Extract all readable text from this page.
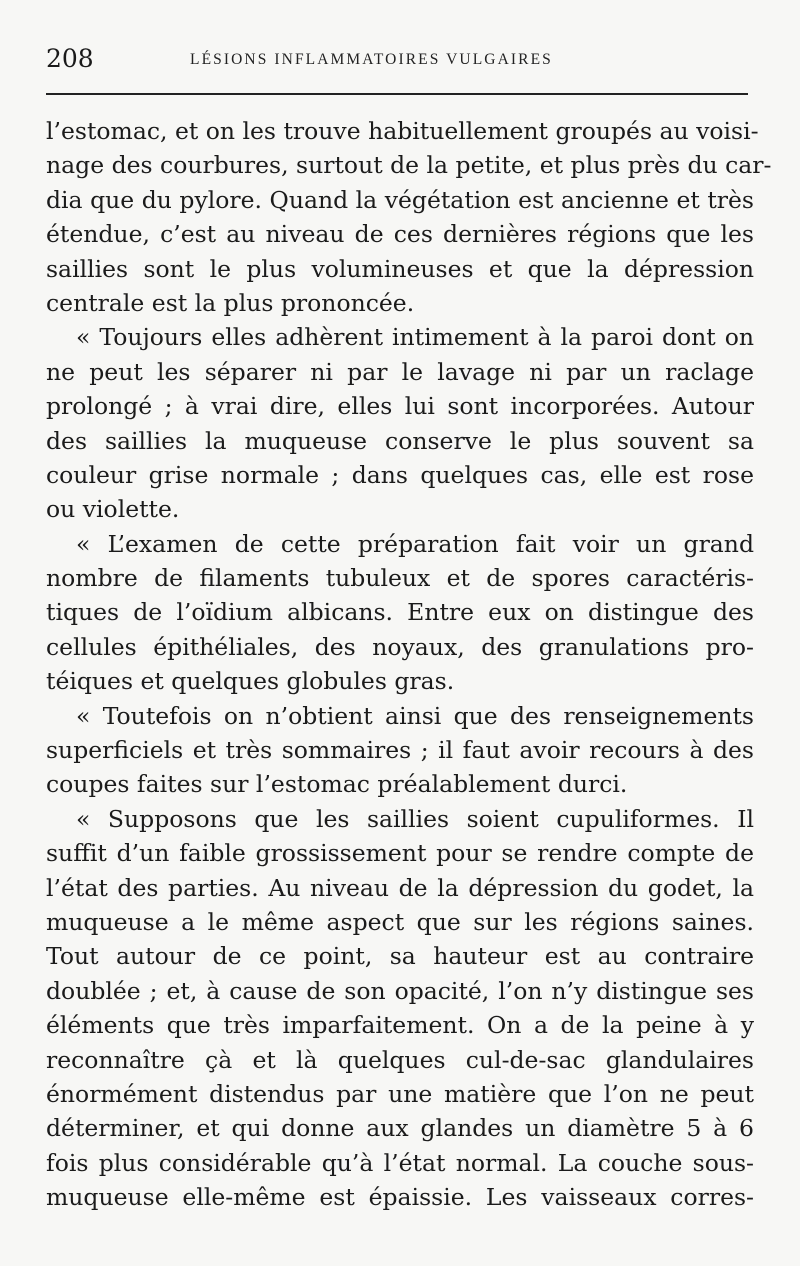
208	LÉSIONS INFLAMMATOIRES VULGAIRES
l’estomac, et on les trouve habituellement groupés au voisi-
nage des courbures, surtout de la petite, et plus près du car-
dia que du pylore. Quand la végétation est ancienne et très
étendue, c’est au niveau de ces dernières régions que les
saillies sont le plus volumineuses et que la dépression
centrale est la plus prononcée.
« Toujours elles adhèrent intimement à la paroi dont on
ne peut les séparer ni par le lavage ni par un raclage
prolongé ; à vrai dire, elles lui sont incorporées. Autour
des saillies la muqueuse conserve le plus souvent sa
couleur grise normale ; dans quelques cas, elle est rose
ou violette.
« L’examen de cette préparation fait voir un grand
nombre de filaments tubuleux et de spores caractéris-
tiques de l’oïdium albicans. Entre eux on distingue des
cellules épithéliales, des noyaux, des granulations pro-
téiques et quelques globules gras.
« Toutefois on n’obtient ainsi que des renseignements
superficiels et très sommaires ; il faut avoir recours à des
coupes faites sur l’estomac préalablement durci.
« Supposons que les saillies soient cupuliformes. Il
suffit d’un faible grossissement pour se rendre compte de
l’état des parties. Au niveau de la dépression du godet, la
muqueuse a le même aspect que sur les régions saines.
Tout autour de ce point, sa hauteur est au contraire
doublée ; et, à cause de son opacité, l’on n’y distingue ses
éléments que très imparfaitement. On a de la peine à y
reconnaître çà et là quelques cul-de-sac glandulaires
énormément distendus par une matière que l’on ne peut
déterminer, et qui donne aux glandes un diamètre 5 à 6
fois plus considérable qu’à l’état normal. La couche sous-
muqueuse elle-même est épaissie. Les vaisseaux corres-
